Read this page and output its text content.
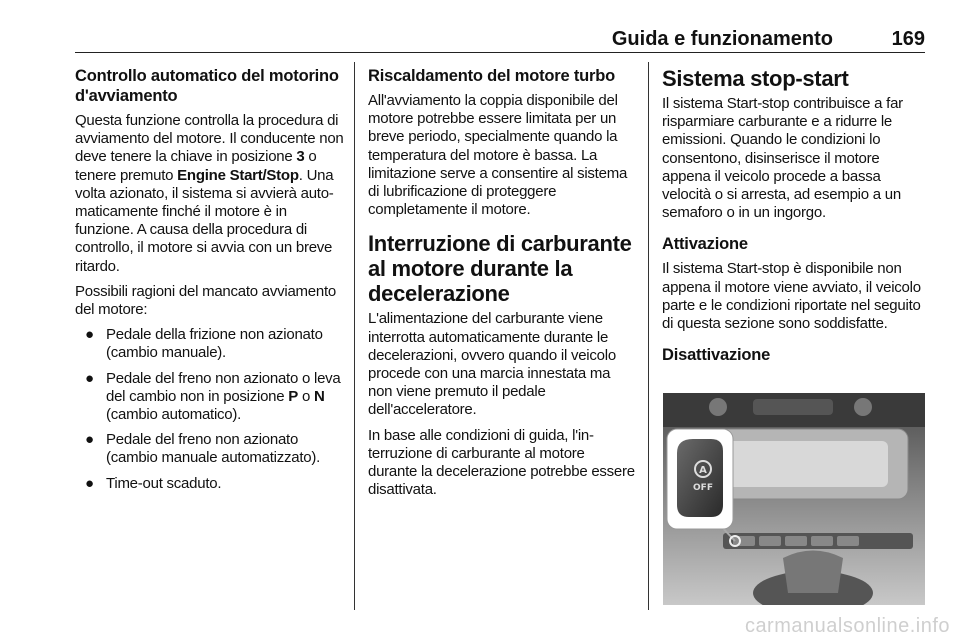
Guida e funzionamento	169
Controllo automatico del motorino d'avviamento

Questa funzione controlla la procedura di avviamento del motore. Il conducente non deve tenere la chiave in posizione 3 o tenere premuto Engine Start/Stop. Una volta azionato, il sistema si avvierà automaticamente finché il motore è in funzione. A causa della procedura di controllo, il motore si avvia con un breve ritardo.

Possibili ragioni del mancato avviamento del motore:

● Pedale della frizione non azionato (cambio manuale).
● Pedale del freno non azionato o leva del cambio non in posizione P o N (cambio automatico).
● Pedale del freno non azionato (cambio manuale automatizzato).
● Time-out scaduto.
Riscaldamento del motore turbo

All'avviamento la coppia disponibile del motore potrebbe essere limitata per un breve periodo, specialmente quando la temperatura del motore è bassa. La limitazione serve a consentire al sistema di lubrificazione di proteggere completamente il motore.

Interruzione di carburante al motore durante la decelerazione

L'alimentazione del carburante viene interrotta automaticamente durante le decelerazioni, ovvero quando il veicolo procede con una marcia innestata ma non viene premuto il pedale dell'acceleratore.

In base alle condizioni di guida, l'interruzione di carburante al motore durante la decelerazione potrebbe essere disattivata.

Sistema stop-start

Il sistema Start-stop contribuisce a far risparmiare carburante e a ridurre le emissioni. Quando le condizioni lo consentono, disinserisce il motore appena il veicolo procede a bassa velocità o si arresta, ad esempio a un semaforo o in un ingorgo.

Attivazione

Il sistema Start-stop è disponibile non appena il motore viene avviato, il veicolo parte e le condizioni riportate nel seguito di questa sezione sono soddisfatte.

Disattivazione
A
OFF
carmanualsonline.info
